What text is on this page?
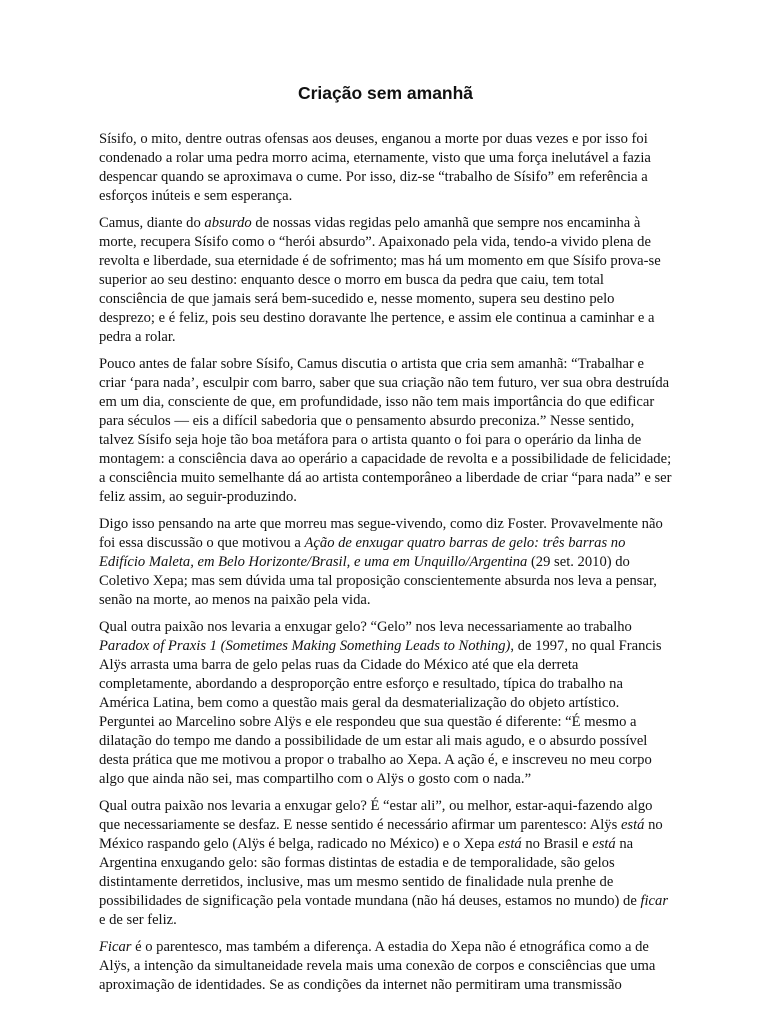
Criação sem amanhã

Sísifo, o mito, dentre outras ofensas aos deuses, enganou a morte por duas vezes e por isso foi condenado a rolar uma pedra morro acima, eternamente, visto que uma força inelutável a fazia despencar quando se aproximava o cume. Por isso, diz-se “trabalho de Sísifo” em referência a esforços inúteis e sem esperança.

Camus, diante do absurdo de nossas vidas regidas pelo amanhã que sempre nos encaminha à morte, recupera Sísifo como o “herói absurdo”. Apaixonado pela vida, tendo-a vivido plena de revolta e liberdade, sua eternidade é de sofrimento; mas há um momento em que Sísifo prova-se superior ao seu destino: enquanto desce o morro em busca da pedra que caiu, tem total consciência de que jamais será bem-sucedido e, nesse momento, supera seu destino pelo desprezo; e é feliz, pois seu destino doravante lhe pertence, e assim ele continua a caminhar e a pedra a rolar.

Pouco antes de falar sobre Sísifo, Camus discutia o artista que cria sem amanhã: “Trabalhar e criar ‘para nada’, esculpir com barro, saber que sua criação não tem futuro, ver sua obra destruída em um dia, consciente de que, em profundidade, isso não tem mais importância do que edificar para séculos — eis a difícil sabedoria que o pensamento absurdo preconiza.” Nesse sentido, talvez Sísifo seja hoje tão boa metáfora para o artista quanto o foi para o operário da linha de montagem: a consciência dava ao operário a capacidade de revolta e a possibilidade de felicidade; a consciência muito semelhante dá ao artista contemporâneo a liberdade de criar “para nada” e ser feliz assim, ao seguir-produzindo.

Digo isso pensando na arte que morreu mas segue-vivendo, como diz Foster. Provavelmente não foi essa discussão o que motivou a Ação de enxugar quatro barras de gelo: três barras no Edifício Maleta, em Belo Horizonte/Brasil, e uma em Unquillo/Argentina (29 set. 2010) do Coletivo Xepa; mas sem dúvida uma tal proposição conscientemente absurda nos leva a pensar, senão na morte, ao menos na paixão pela vida.

Qual outra paixão nos levaria a enxugar gelo? “Gelo” nos leva necessariamente ao trabalho Paradox of Praxis 1 (Sometimes Making Something Leads to Nothing), de 1997, no qual Francis Alÿs arrasta uma barra de gelo pelas ruas da Cidade do México até que ela derreta completamente, abordando a desproporção entre esforço e resultado, típica do trabalho na América Latina, bem como a questão mais geral da desmaterialização do objeto artístico. Perguntei ao Marcelino sobre Alÿs e ele respondeu que sua questão é diferente: “É mesmo a dilatação do tempo me dando a possibilidade de um estar ali mais agudo, e o absurdo possível desta prática que me motivou a propor o trabalho ao Xepa. A ação é, e inscreveu no meu corpo algo que ainda não sei, mas compartilho com o Alÿs o gosto com o nada.”

Qual outra paixão nos levaria a enxugar gelo? É “estar ali”, ou melhor, estar-aqui-fazendo algo que necessariamente se desfaz. E nesse sentido é necessário afirmar um parentesco: Alÿs está no México raspando gelo (Alÿs é belga, radicado no México) e o Xepa está no Brasil e está na Argentina enxugando gelo: são formas distintas de estadia e de temporalidade, são gelos distintamente derretidos, inclusive, mas um mesmo sentido de finalidade nula prenhe de possibilidades de significação pela vontade mundana (não há deuses, estamos no mundo) de ficar e de ser feliz.

Ficar é o parentesco, mas também a diferença. A estadia do Xepa não é etnográfica como a de Alÿs, a intenção da simultaneidade revela mais uma conexão de corpos e consciências que uma aproximação de identidades. Se as condições da internet não permitiram uma transmissão
